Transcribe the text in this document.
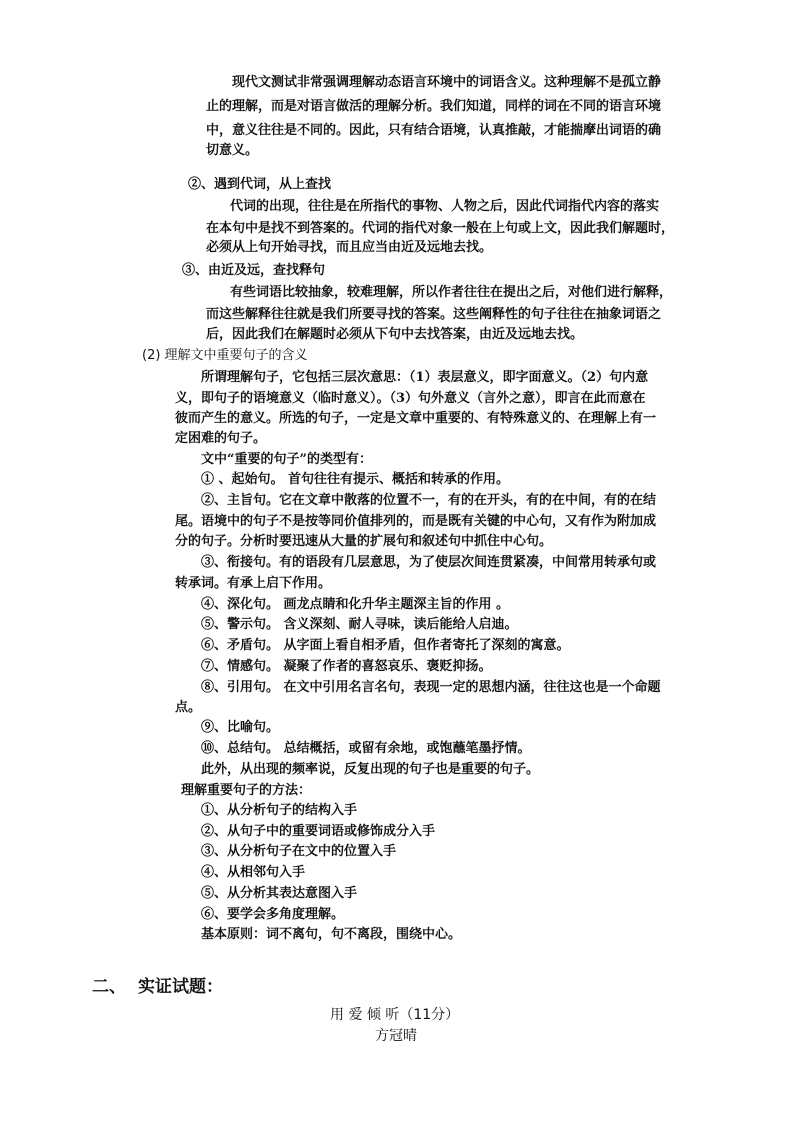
现代文测试非常强调理解动态语言环境中的词语含义。这种理解不是孤立静
止的理解，而是对语言做活的理解分析。我们知道，同样的词在不同的语言环境
中，意义往往是不同的。因此，只有结合语境，认真推敲，才能揣摩出词语的确
切意义。
②、遇到代词，从上查找
代词的出现，往往是在所指代的事物、人物之后，因此代词指代内容的落实
在本句中是找不到答案的。代词的指代对象一般在上句或上文，因此我们解题时，
必须从上句开始寻找，而且应当由近及远地去找。
③、由近及远，查找释句
有些词语比较抽象，较难理解，所以作者往往在提出之后，对他们进行解释，
而这些解释往往就是我们所要寻找的答案。这些阐释性的句子往往在抽象词语之
后，因此我们在解题时必须从下句中去找答案，由近及远地去找。
(2) 理解文中重要句子的含义
所谓理解句子，它包括三层次意思：（1）表层意义，即字面意义。（2）句内意
义，即句子的语境意义（临时意义）。（3）句外意义（言外之意），即言在此而意在
彼而产生的意义。所选的句子，一定是文章中重要的、有特殊意义的、在理解上有一
定困难的句子。
文中“重要的句子”的类型有：
① 、起始句。 首句往往有提示、概括和转承的作用。
②、主旨句。它在文章中散落的位置不一，有的在开头，有的在中间，有的在结
尾。语境中的句子不是按等同价值排列的，而是既有关键的中心句，又有作为附加成
分的句子。分析时要迅速从大量的扩展句和叙述句中抓住中心句。
③、衔接句。有的语段有几层意思，为了使层次间连贯紧凑，中间常用转承句或
转承词。有承上启下作用。
④、深化句。 画龙点睛和化升华主题深主旨的作用 。
⑤、警示句。 含义深刻、耐人寻味，读后能给人启迪。
⑥、矛盾句。 从字面上看自相矛盾，但作者寄托了深刻的寓意。
⑦、情感句。 凝聚了作者的喜怒哀乐、褒贬抑扬。
⑧、引用句。 在文中引用名言名句，表现一定的思想内涵，往往这也是一个命题
点。
⑨、比喻句。
⑩、总结句。 总结概括，或留有余地，或饱蘸笔墨抒情。
此外，从出现的频率说，反复出现的句子也是重要的句子。
理解重要句子的方法：
①、从分析句子的结构入手
②、从句子中的重要词语或修饰成分入手
③、从分析句子在文中的位置入手
④、从相邻句入手
⑤、从分析其表达意图入手
⑥、要学会多角度理解。
基本原则：词不离句，句不离段，围绕中心。
二、 实证试题：
用 爱 倾 听（11分）
方冠晴
